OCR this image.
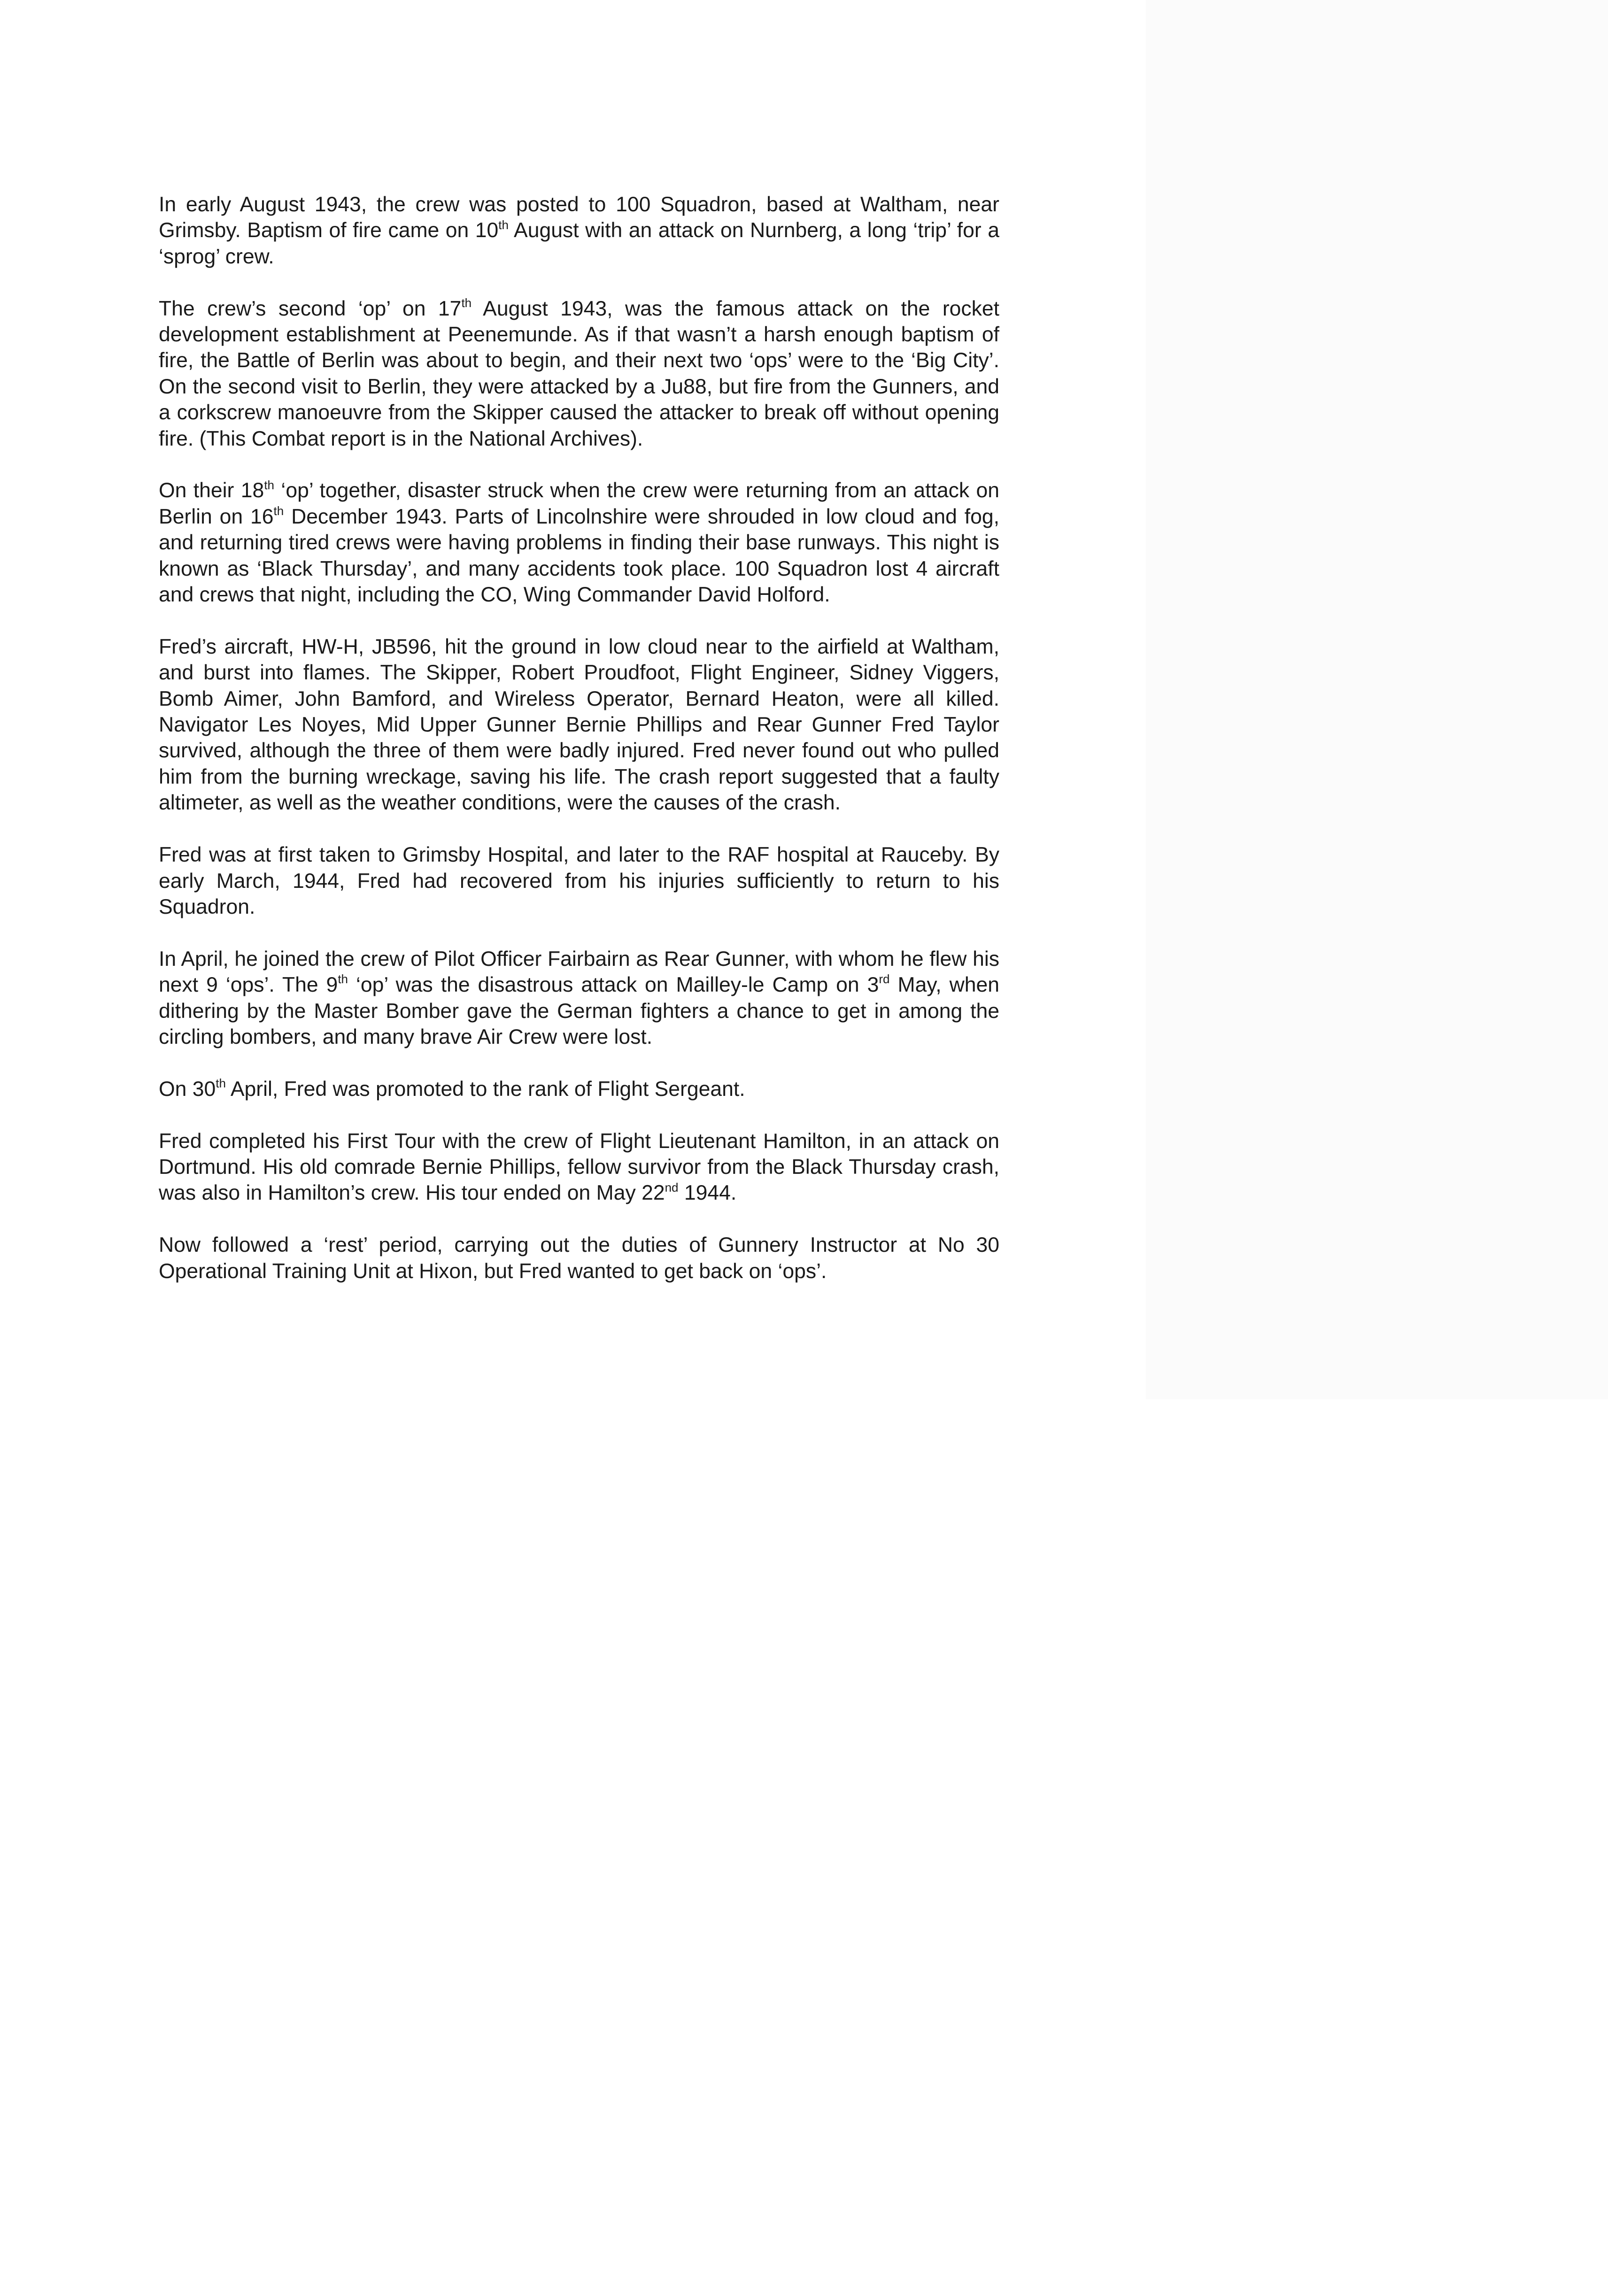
In early August 1943, the crew was posted to 100 Squadron, based at Waltham, near Grimsby. Baptism of fire came on 10th August with an attack on Nurnberg, a long ‘trip’ for a ‘sprog’ crew.

The crew’s second ‘op’ on 17th August 1943, was the famous attack on the rocket development establishment at Peenemunde. As if that wasn’t a harsh enough baptism of fire, the Battle of Berlin was about to begin, and their next two ‘ops’ were to the ‘Big City’. On the second visit to Berlin, they were attacked by a Ju88, but fire from the Gunners, and a corkscrew manoeuvre from the Skipper caused the attacker to break off without opening fire. (This Combat report is in the National Archives).

On their 18th ‘op’ together, disaster struck when the crew were returning from an attack on Berlin on 16th December 1943. Parts of Lincolnshire were shrouded in low cloud and fog, and returning tired crews were having problems in finding their base runways. This night is known as ‘Black Thursday’, and many accidents took place. 100 Squadron lost 4 aircraft and crews that night, including the CO, Wing Commander David Holford.

Fred’s aircraft, HW-H, JB596, hit the ground in low cloud near to the airfield at Waltham, and burst into flames. The Skipper, Robert Proudfoot, Flight Engineer, Sidney Viggers, Bomb Aimer, John Bamford, and Wireless Operator, Bernard Heaton, were all killed. Navigator Les Noyes, Mid Upper Gunner Bernie Phillips and Rear Gunner Fred Taylor survived, although the three of them were badly injured. Fred never found out who pulled him from the burning wreckage, saving his life. The crash report suggested that a faulty altimeter, as well as the weather conditions, were the causes of the crash.

Fred was at first taken to Grimsby Hospital, and later to the RAF hospital at Rauceby. By early March, 1944, Fred had recovered from his injuries sufficiently to return to his Squadron.

In April, he joined the crew of Pilot Officer Fairbairn as Rear Gunner, with whom he flew his next 9 ‘ops’. The 9th ‘op’ was the disastrous attack on Mailley-le Camp on 3rd May, when dithering by the Master Bomber gave the German fighters a chance to get in among the circling bombers, and many brave Air Crew were lost.

On 30th April, Fred was promoted to the rank of Flight Sergeant.

Fred completed his First Tour with the crew of Flight Lieutenant Hamilton, in an attack on Dortmund. His old comrade Bernie Phillips, fellow survivor from the Black Thursday crash, was also in Hamilton’s crew. His tour ended on May 22nd 1944.

Now followed a ‘rest’ period, carrying out the duties of Gunnery Instructor at No 30 Operational Training Unit at Hixon, but Fred wanted to get back on ‘ops’.
